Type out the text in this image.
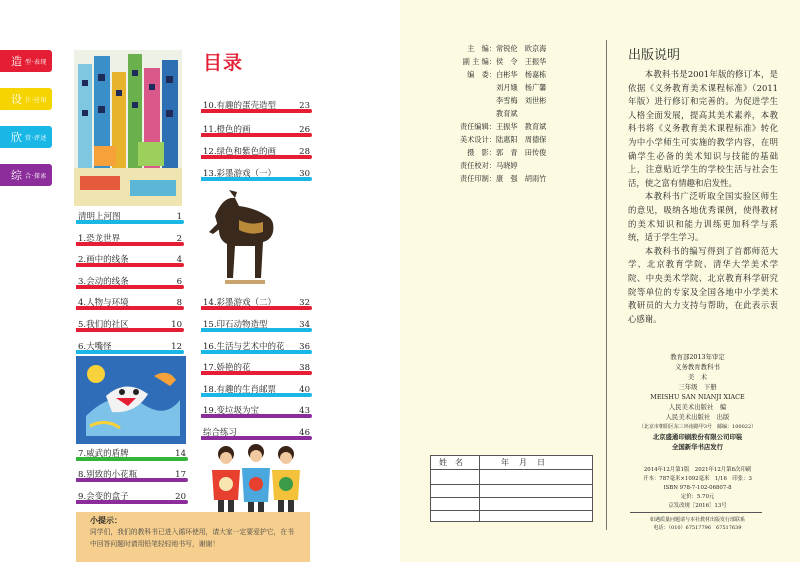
造 型·表现
设 计·应用
欣 赏·评述
综 合·探索
目录
10.有趣的蛋壳造型	23
11.橙色的画	26
12.绿色和紫色的画	28
13.彩墨游戏（一）	30
清明上河图	1
1.恐龙世界	2
2.画中的线条	4
3.会动的线条	6
4.人物与环境	8
5.我们的社区	10
6.大嘴怪	12
7.威武的盾牌	14
8.别致的小花瓶	17
9.会变的盒子	20
14.彩墨游戏（二）	32
15.印石动物造型	34
16.生活与艺术中的花 36
17.娇艳的花	38
18.有趣的生肖邮票	40
19.变垃圾为宝	43
综合练习	46
小提示：
同学们，我们的教科书已进入循环使用，请大家一定要爱护它，在书中回答问题时请用铅笔轻轻地书写，谢谢！
主　编：常锐伦　欧京海
副 主 编：侯　令　王振华
编　委：白彬华　杨嘉栋
刘月娥　杨广馨
李雪梅　刘世彬
教育斌
责任编辑：王振华　教育斌
美术设计：陆惠阳　周德保
摄　影：郭　青　田传俊
责任校对：马晓婷
责任印制：康　强　胡雨竹
姓　名	年　月　日
出版说明

本教科书是2001年版的修订本，是依据《义务教育美术课程标准》（2011年版）进行修订和完善的。为促进学生人格全面发展，提高其美术素养，本教科书将《义务教育美术课程标准》转化为中小学师生可实施的教学内容，在明确学生必备的美术知识与技能的基础上，注意贴近学生的学校生活与社会生活，使之富有情趣和启发性。

本教科书广泛听取全国实验区师生的意见，吸纳各地优秀课例，使得教材的美术知识和能力训练更加科学与系统，适于学生学习。

本教科书的编写得到了首都师范大学、北京教育学院、清华大学美术学院、中央美术学院、北京教育科学研究院等单位的专家及全国各地中小学美术教研员的大力支持与帮助，在此表示衷心感谢。

教育部2013年审定
义务教育教科书
美　术
三年级　下册
MEISHU SAN NIANJI XIACE
人民美术出版社　编
人民美术出版社　出版
（北京市朝阳区东三环南路甲3号　邮编：100022）
北京盛通印刷股份有限公司印装
全国新华书店发行
2014年12月第1版　2021年12月第8次印刷
开本：787毫米×1092毫米　1/16　印张：3
ISBN 978-7-102-06807-8
定价：5.70元
京发改规［2016］13号
如遇质量问题请与本社教材出版发行部联系
电话：（010）67517796　67517639
